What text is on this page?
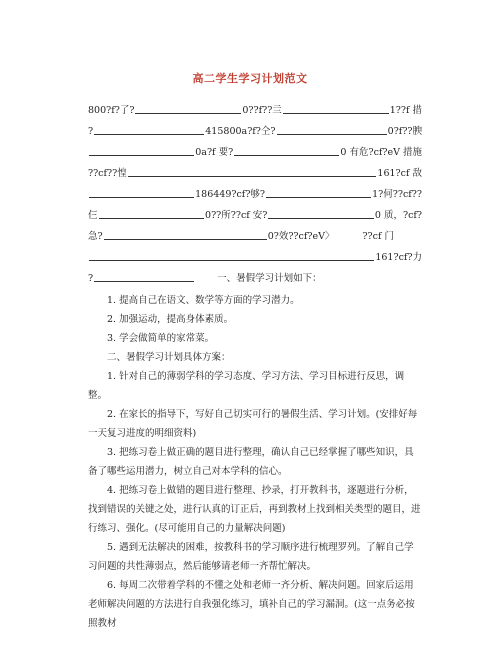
高二学生学习计划范文
800?f?了?	0??f??亖	1??f 措
?	415800a?f?仝?	0?f??腴
0a?f 要?	0 有危?cf?eV 措施
??cf??惶	161?cf 敌
186449?cf?够?	1?何??cf??
仨	0??所??cf 安?	0 质，?cf?
急?	0?效??cf?eV〉	??cf 门
161?cf?力
?	一、暑假学习计划如下：

1. 提高自己在语文、数学等方面的学习潜力。

2. 加强运动，提高身体素质。

3. 学会做简单的家常菜。

二、暑假学习计划具体方案：

1. 针对自己的薄弱学科的学习态度、学习方法、学习目标进行反思，调整。

2. 在家长的指导下，写好自己切实可行的暑假生活、学习计划。(安排好每一天复习进度的明细资料)

3. 把练习卷上做正确的题目进行整理，确认自己已经掌握了哪些知识，具备了哪些运用潜力，树立自己对本学科的信心。

4. 把练习卷上做错的题目进行整理、抄录，打开教科书，逐题进行分析，找到错误的关键之处，进行认真的订正后，再到教材上找到相关类型的题目，进行练习、强化。(尽可能用自己的力量解决问题)

5. 遇到无法解决的困难，按教科书的学习顺序进行梳理罗列。了解自己学习问题的共性薄弱点，然后能够请老师一齐帮忙解决。

6. 每周二次带着学科的不懂之处和老师一齐分析、解决问题。回家后运用老师解决问题的方法进行自我强化练习，填补自己的学习漏洞。(这一点务必按照教材
